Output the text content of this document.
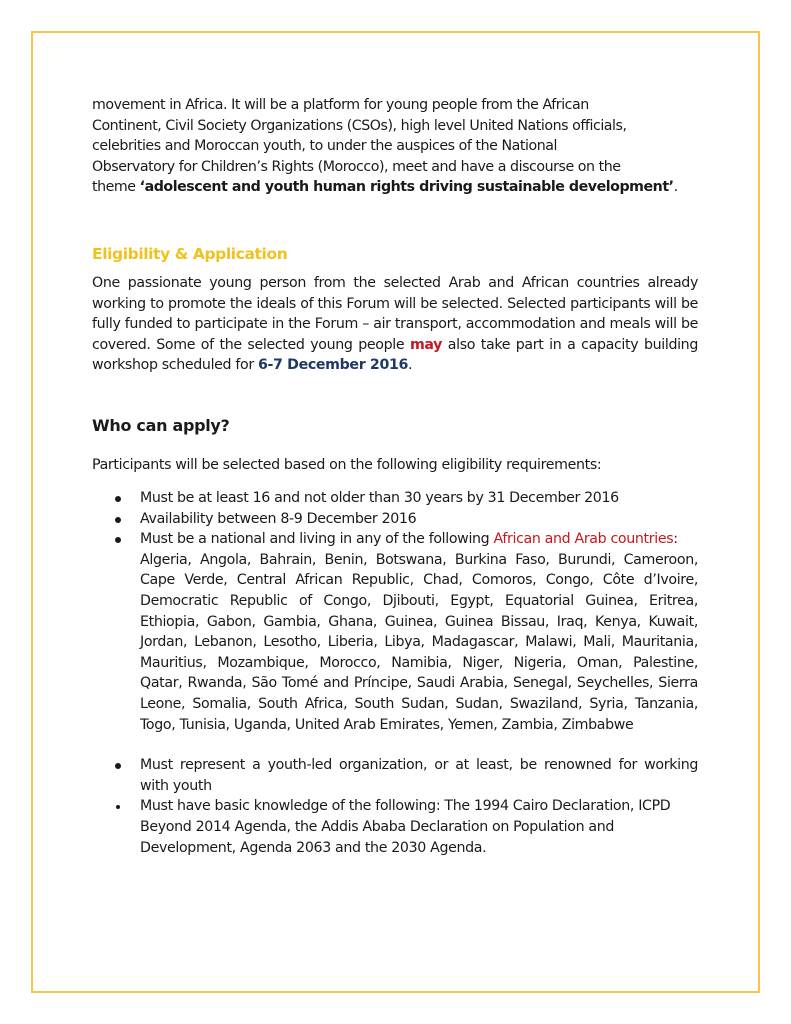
movement in Africa. It will be a platform for young people from the African

Continent, Civil Society Organizations (CSOs), high level United Nations officials,

celebrities and Moroccan youth, to under the auspices of the National

Observatory for Children’s Rights (Morocco), meet and have a discourse on the

theme ‘adolescent and youth human rights driving sustainable development’.

Eligibility & Application

One passionate young person from the selected Arab and African countries already working to promote the ideals of this Forum will be selected. Selected participants will be fully funded to participate in the Forum – air transport, accommodation and meals will be covered. Some of the selected young people may also take part in a capacity building workshop scheduled for 6-7 December 2016.

Who can apply?

Participants will be selected based on the following eligibility requirements:

Must be at least 16 and not older than 30 years by 31 December 2016
Availability between 8-9 December 2016
Must be a national and living in any of the following African and Arab countries:
Algeria, Angola, Bahrain, Benin, Botswana, Burkina Faso, Burundi, Cameroon, Cape Verde, Central African Republic, Chad, Comoros, Congo, Côte d’Ivoire, Democratic Republic of Congo, Djibouti, Egypt, Equatorial Guinea, Eritrea, Ethiopia, Gabon, Gambia, Ghana, Guinea, Guinea Bissau, Iraq, Kenya, Kuwait, Jordan, Lebanon, Lesotho, Liberia, Libya, Madagascar, Malawi, Mali, Mauritania, Mauritius, Mozambique, Morocco, Namibia, Niger, Nigeria, Oman, Palestine, Qatar, Rwanda, São Tomé and Príncipe, Saudi Arabia, Senegal, Seychelles, Sierra Leone, Somalia, South Africa, South Sudan, Sudan, Swaziland, Syria, Tanzania, Togo, Tunisia, Uganda, United Arab Emirates, Yemen, Zambia, Zimbabwe
Must represent a youth-led organization, or at least, be renowned for working with youth
Must have basic knowledge of the following: The 1994 Cairo Declaration, ICPD Beyond 2014 Agenda, the Addis Ababa Declaration on Population and Development, Agenda 2063 and the 2030 Agenda.
